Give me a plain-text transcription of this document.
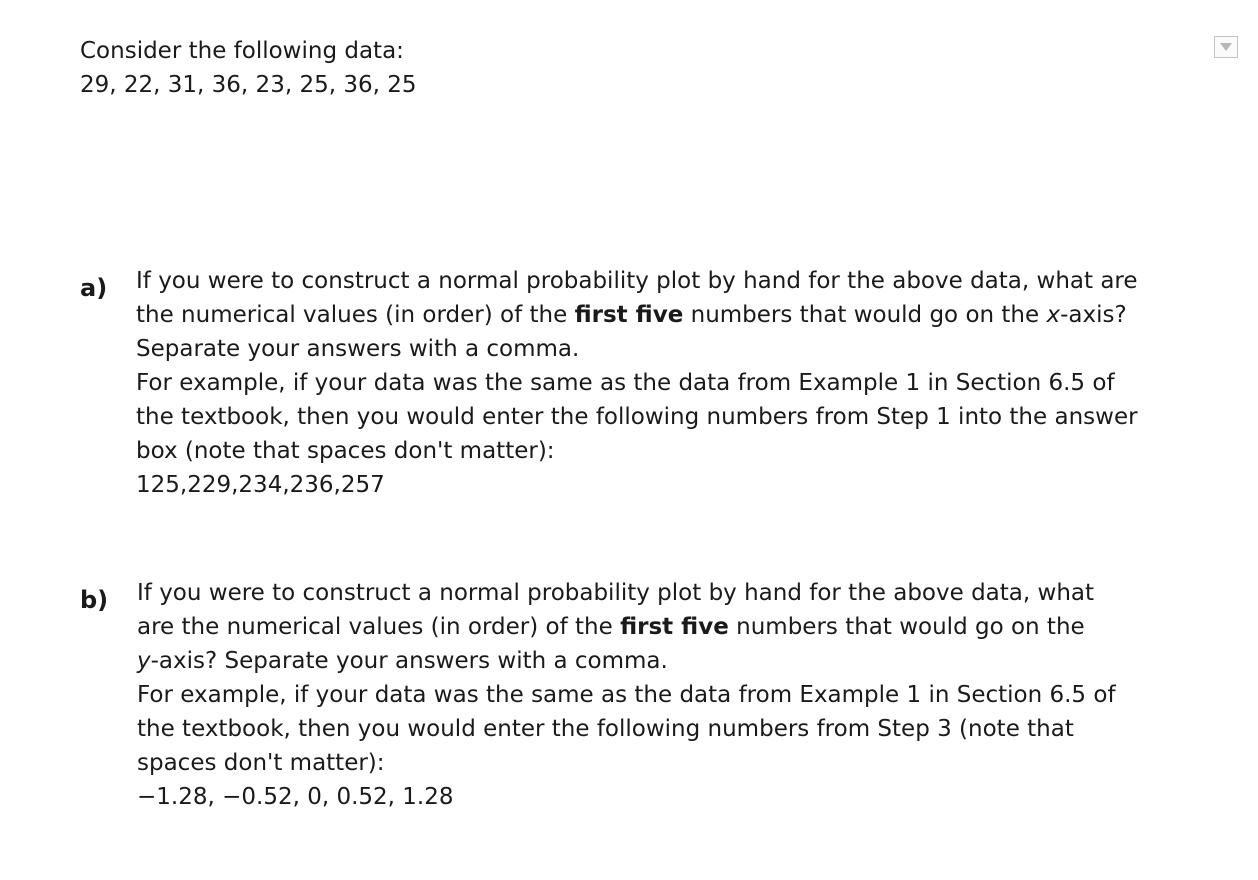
Consider the following data:
29, 22, 31, 36, 23, 25, 36, 25
a) If you were to construct a normal probability plot by hand for the above data, what are
the numerical values (in order) of the first five numbers that would go on the x-axis?
Separate your answers with a comma.
For example, if your data was the same as the data from Example 1 in Section 6.5 of
the textbook, then you would enter the following numbers from Step 1 into the answer
box (note that spaces don't matter):
125,229,234,236,257
b) If you were to construct a normal probability plot by hand for the above data, what
are the numerical values (in order) of the first five numbers that would go on the
y-axis? Separate your answers with a comma.
For example, if your data was the same as the data from Example 1 in Section 6.5 of
the textbook, then you would enter the following numbers from Step 3 (note that
spaces don't matter):
−1.28, −0.52, 0, 0.52, 1.28
